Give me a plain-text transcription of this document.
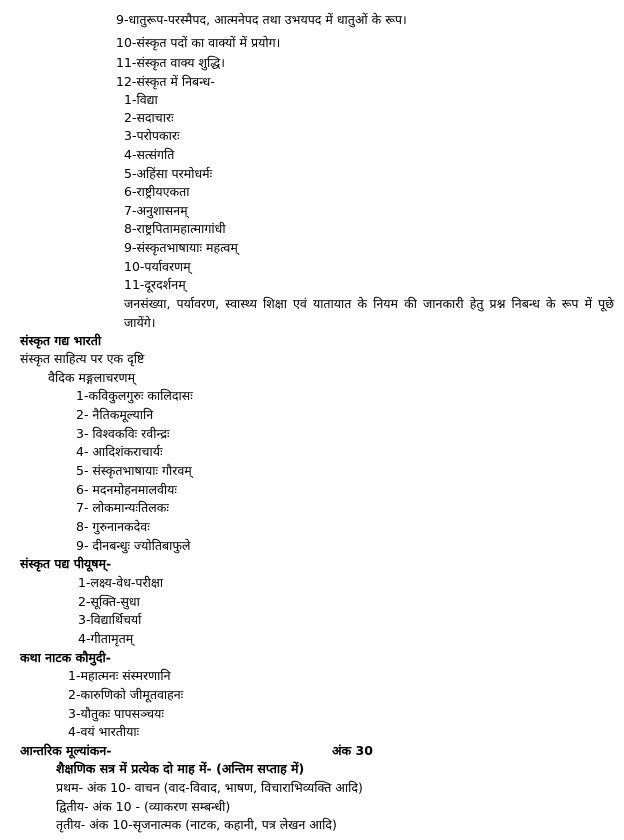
9-धातुरूप-परस्मैपद, आत्मनेपद तथा उभयपद में धातुओं के रूप।
10-संस्कृत पदों का वाक्यों में प्रयोग।
11-संस्कृत वाक्य शुद्धि।
12-संस्कृत में निबन्ध-
1-विद्या
2-सदाचारः
3-परोपकारः
4-सत्संगति
5-अहिंसा परमोधर्मः
6-राष्ट्रीयएकता
7-अनुशासनम्
8-राष्ट्रपितामहात्मागांधी
9-संस्कृतभाषायाः महत्वम्
10-पर्यावरणम्
11-दूरदर्शनम्
जनसंख्या, पर्यावरण, स्वास्थ्य शिक्षा एवं यातायात के नियम की जानकारी हेतु प्रश्न निबन्ध के रूप में पूछे जायेंगे।
संस्कृत गद्य भारती
संस्कृत साहित्य पर एक दृष्टि
वैदिक मङ्गलाचरणम्
1-कविकुलगुरुः कालिदासः
2- नैतिकमूल्यानि
3- विश्वकविः रवीन्द्रः
4- आदिशंकराचार्यः
5- संस्कृतभाषायाः गौरवम्
6- मदनमोहनमालवीयः
7- लोकमान्यःतिलकः
8- गुरुनानकदेवः
9- दीनबन्धुः ज्योतिबाफुले
संस्कृत पद्य पीयूषम्-
1-लक्ष्य-वेध-परीक्षा
2-सूक्ति-सुधा
3-विद्यार्थिचर्या
4-गीतामृतम्
कथा नाटक कौमुदी-
1-महात्मनः संस्मरणानि
2-कारुणिको जीमूतवाहनः
3-यौतुकः पापसञ्चयः
4-वयं भारतीयाः
आन्तरिक मूल्यांकन-	अंक 30
शैक्षणिक सत्र में प्रत्येक दो माह में- (अन्तिम सप्ताह में)
प्रथम- अंक 10- वाचन (वाद-विवाद, भाषण, विचाराभिव्यक्ति आदि)
द्वितीय- अंक 10 - (व्याकरण सम्बन्धी)
तृतीय- अंक 10-सृजनात्मक (नाटक, कहानी, पत्र लेखन आदि)
